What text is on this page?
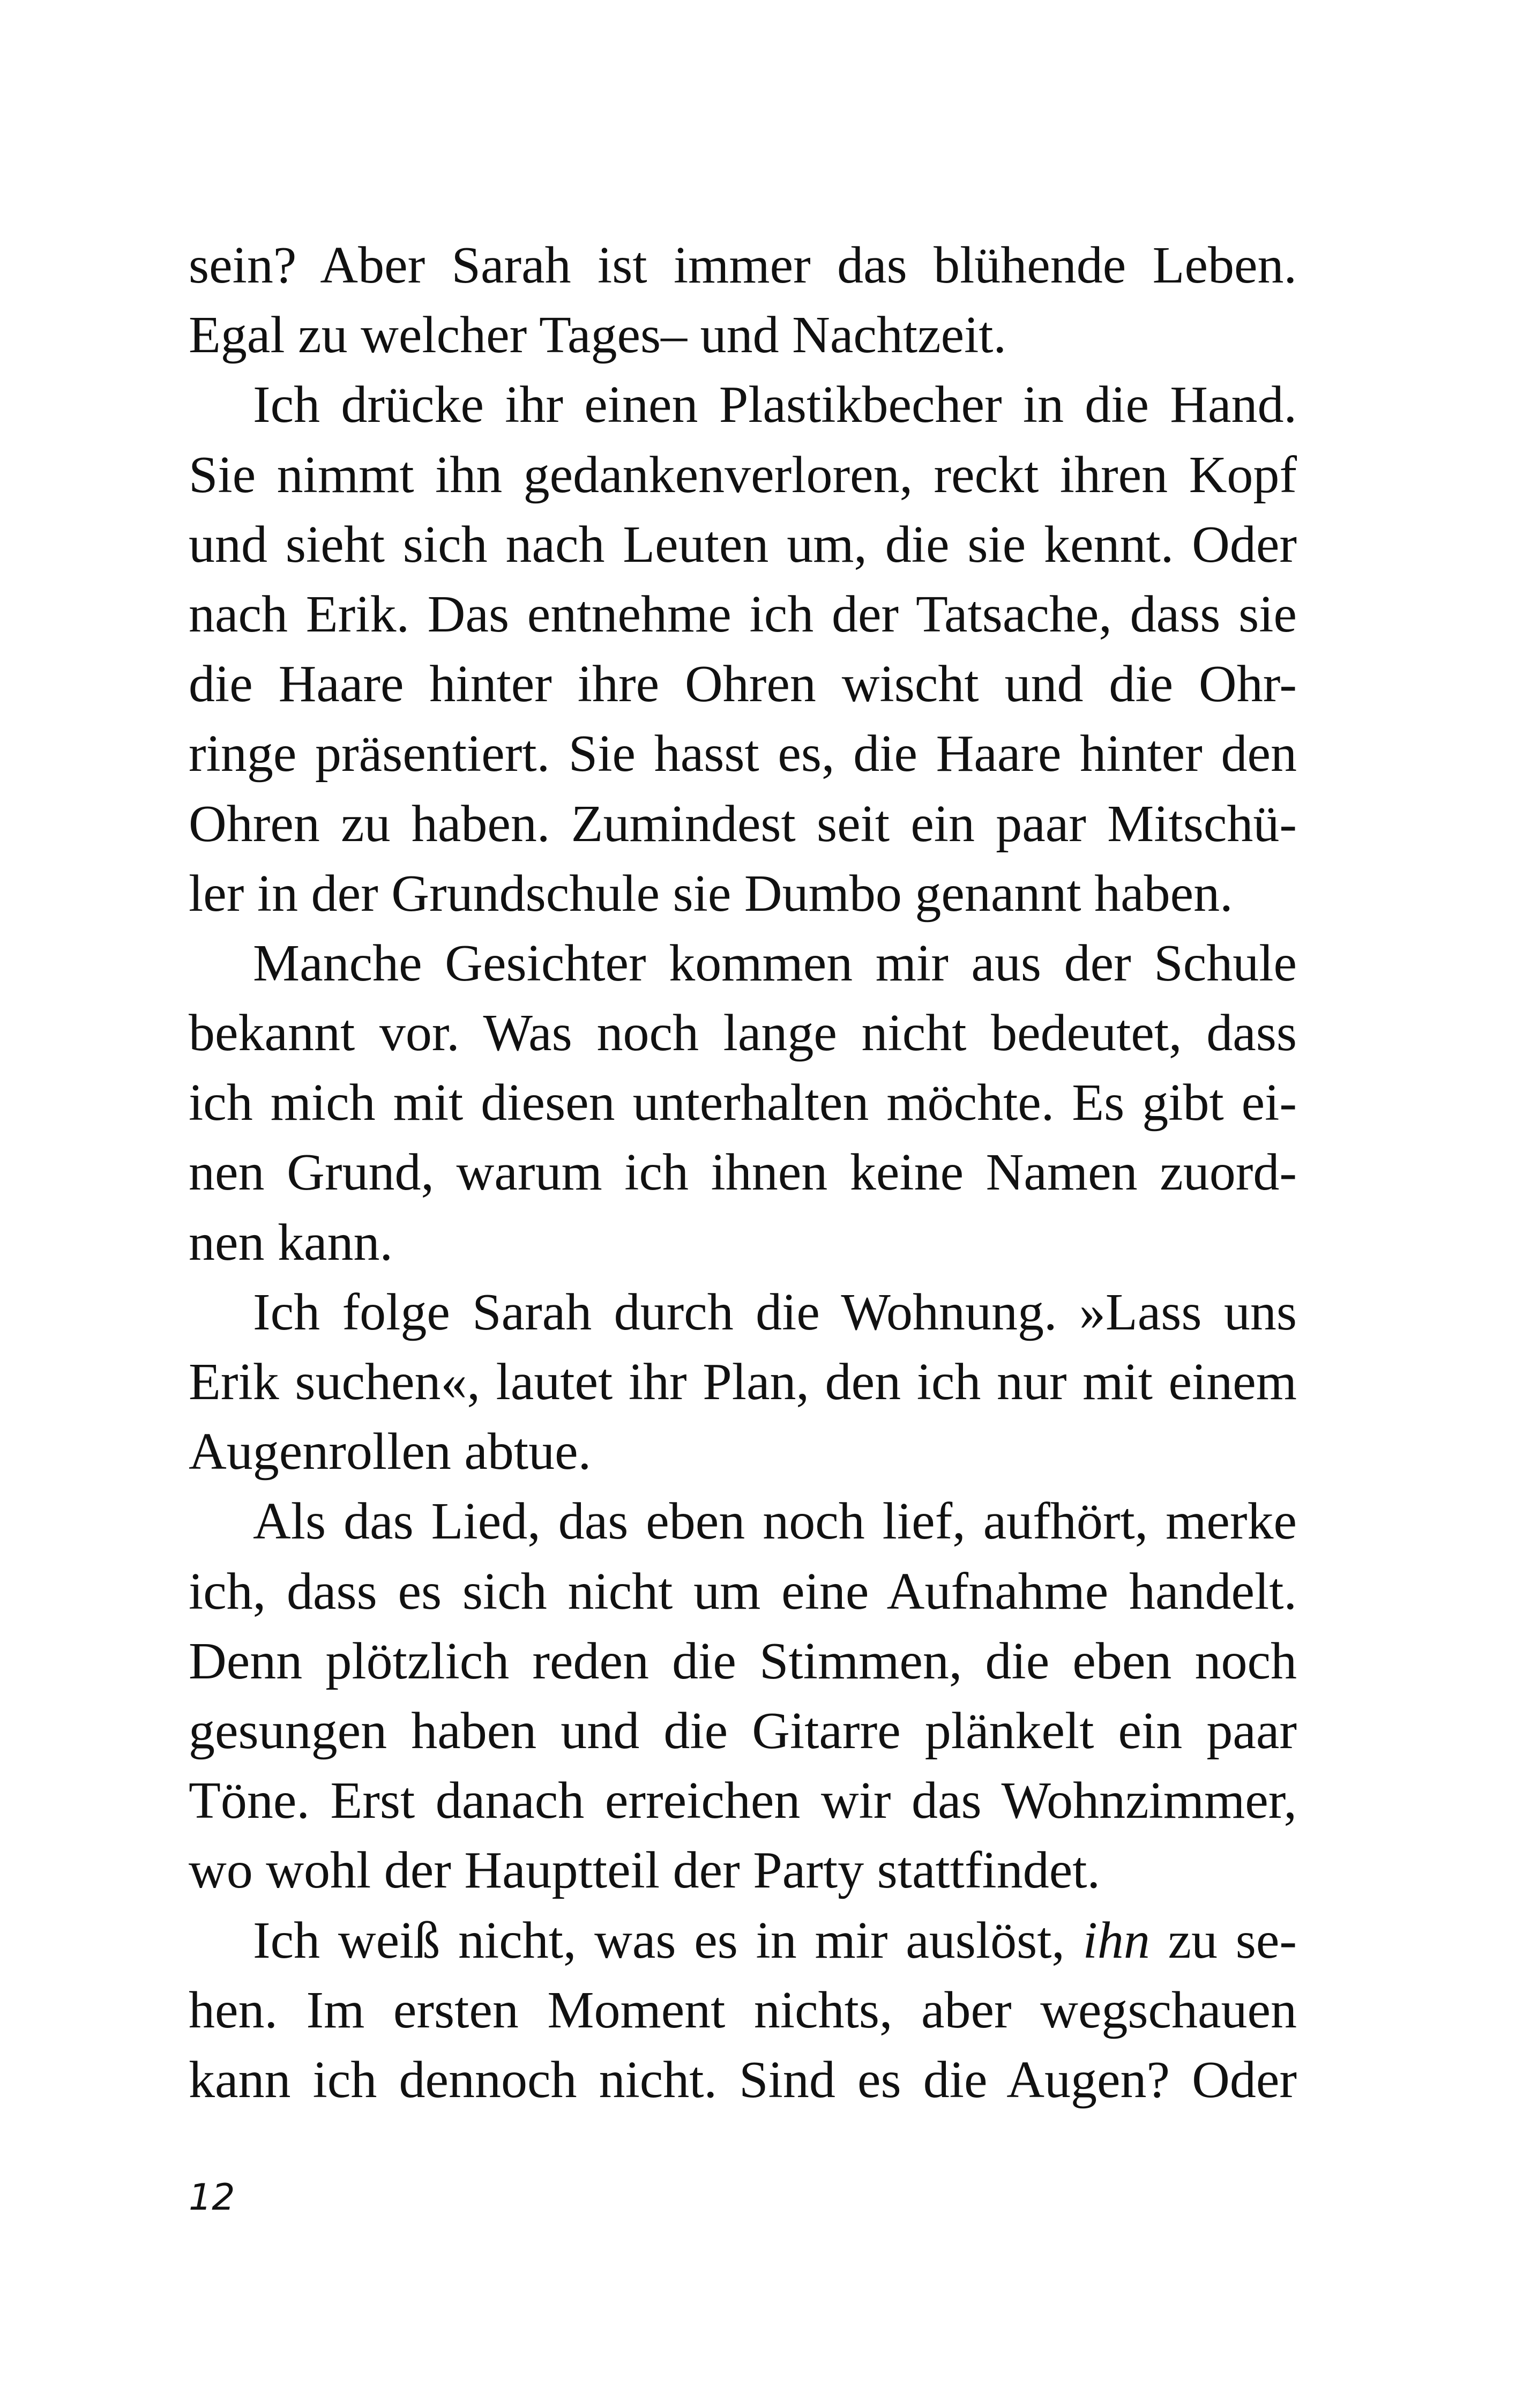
sein? Aber Sarah ist immer das blühende Leben.
Egal zu welcher Tages– und Nachtzeit.
Ich drücke ihr einen Plastikbecher in die Hand.
Sie nimmt ihn gedankenverloren, reckt ihren Kopf
und sieht sich nach Leuten um, die sie kennt. Oder
nach Erik. Das entnehme ich der Tatsache, dass sie
die Haare hinter ihre Ohren wischt und die Ohr-
ringe präsentiert. Sie hasst es, die Haare hinter den
Ohren zu haben. Zumindest seit ein paar Mitschü-
ler in der Grundschule sie Dumbo genannt haben.
Manche Gesichter kommen mir aus der Schule
bekannt vor. Was noch lange nicht bedeutet, dass
ich mich mit diesen unterhalten möchte. Es gibt ei-
nen Grund, warum ich ihnen keine Namen zuord-
nen kann.
Ich folge Sarah durch die Wohnung. »Lass uns
Erik suchen«, lautet ihr Plan, den ich nur mit einem
Augenrollen abtue.
Als das Lied, das eben noch lief, aufhört, merke
ich, dass es sich nicht um eine Aufnahme handelt.
Denn plötzlich reden die Stimmen, die eben noch
gesungen haben und die Gitarre plänkelt ein paar
Töne. Erst danach erreichen wir das Wohnzimmer,
wo wohl der Hauptteil der Party stattfindet.
Ich weiß nicht, was es in mir auslöst, ihn zu se-
hen. Im ersten Moment nichts, aber wegschauen
kann ich dennoch nicht. Sind es die Augen? Oder
12
